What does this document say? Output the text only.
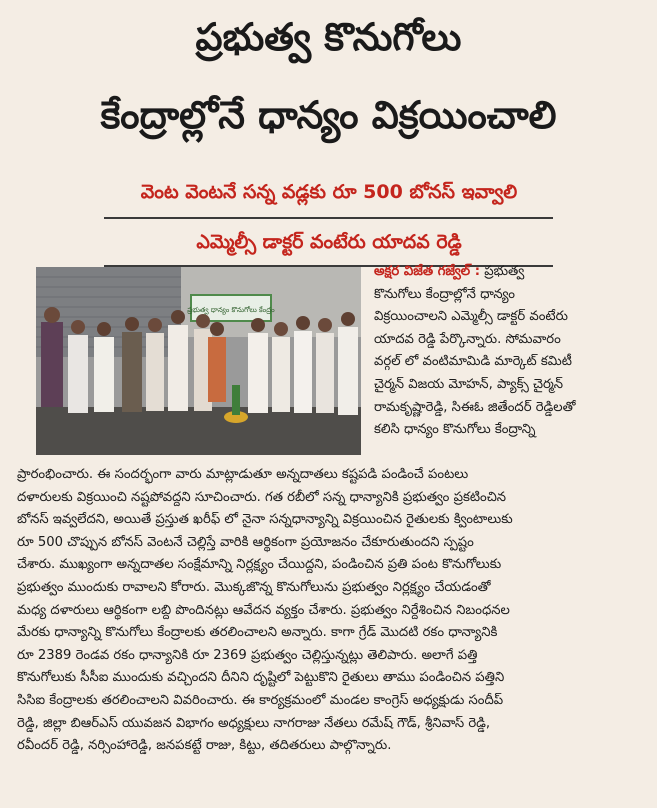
ప్రభుత్వ కొనుగోలు
కేంద్రాల్లోనే ధాన్యం విక్రయించాలి
వెంట వెంటనే సన్న వడ్లకు రూ 500 బోనస్ ఇవ్వాలి
ఎమ్మెల్సీ డాక్టర్ వంటేరు యాదవ రెడ్డి
ప్రభుత్వ ధాన్యం కొనుగోలు కేంద్రం
అక్షర విజేత గజ్వేల్ : ప్రభుత్వ
కొనుగోలు కేంద్రాల్లోనే ధాన్యం
విక్రయించాలని ఎమ్మెల్సీ డాక్టర్ వంటేరు
యాదవ రెడ్డి పేర్కొన్నారు. సోమవారం
వర్గల్ లో వంటిమామిడి మార్కెట్ కమిటీ
చైర్మన్ విజయ మోహన్, ప్యాక్స్ చైర్మన్
రామకృష్ణారెడ్డి, సిఈఓ జితేందర్ రెడ్డిలతో
కలిసి ధాన్యం కొనుగోలు కేంద్రాన్ని
ప్రారంభించారు. ఈ సందర్భంగా వారు మాట్లాడుతూ అన్నదాతలు కష్టపడి పండించే పంటలు
దళారులకు విక్రయించి నష్టపోవద్దని సూచించారు. గత రబీలో సన్న ధాన్యానికి ప్రభుత్వం ప్రకటించిన
బోనస్ ఇవ్వలేదని, అయితే ప్రస్తుత ఖరీఫ్ లో నైనా సన్నధాన్యాన్ని విక్రయించిన రైతులకు క్వింటాలుకు
రూ 500 చొప్పున బోనస్ వెంటనే చెల్లిస్తే వారికి ఆర్థికంగా ప్రయోజనం చేకూరుతుందని స్పష్టం
చేశారు. ముఖ్యంగా అన్నదాతల సంక్షేమాన్ని నిర్లక్ష్యం చేయిద్దని, పండించిన ప్రతి పంట కొనుగోలుకు
ప్రభుత్వం ముందుకు రావాలని కోరారు. మొక్కజొన్న కొనుగోలును ప్రభుత్వం నిర్లక్ష్యం చేయడంతో
మధ్య దళారులు ఆర్థికంగా లబ్ది పొందినట్లు ఆవేదన వ్యక్తం చేశారు. ప్రభుత్వం నిర్దేశించిన నిబంధనల
మేరకు ధాన్యాన్ని కొనుగోలు కేంద్రాలకు తరలించాలని అన్నారు. కాగా గ్రేడ్ మొదటి రకం ధాన్యానికి
రూ 2389 రెండవ రకం ధాన్యానికి రూ 2369 ప్రభుత్వం చెల్లిస్తున్నట్లు తెలిపారు. అలాగే పత్తి
కొనుగోలుకు సీసీఐ ముందుకు వచ్చిందని దీనిని దృష్టిలో పెట్టుకొని రైతులు తాము పండించిన పత్తిని
సిసిఐ కేంద్రాలకు తరలించాలని వివరించారు. ఈ కార్యక్రమంలో మండల కాంగ్రెస్ అధ్యక్షుడు సందీప్
రెడ్డి, జిల్లా బిఆర్ఎస్ యువజన విభాగం అధ్యక్షులు నాగరాజు నేతలు రమేష్ గౌడ్, శ్రీనివాస్ రెడ్డి,
రవీందర్ రెడ్డి, నర్సింహారెడ్డి, జనపకట్టే రాజు, కిట్టు, తదితరులు పాల్గొన్నారు.
